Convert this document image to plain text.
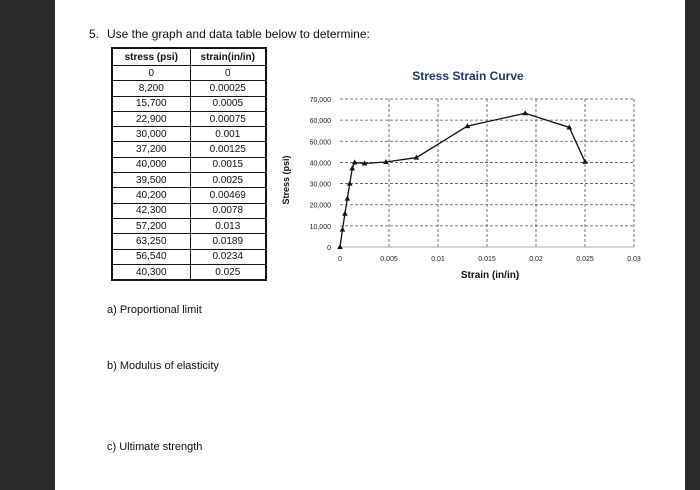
5. Use the graph and data table below to determine:
stress (psi)	strain(in/in)
0	0
8,200	0.00025
15,700	0.0005
22,900	0.00075
30,000	0.001
37,200	0.00125
40,000	0.0015
39,500	0.0025
40,200	0.00469
42,300	0.0078
57,200	0.013
63,250	0.0189
56,540	0.0234
40,300	0.025
a) Proportional limit
b) Modulus of elasticity
c) Ultimate strength
Stress Strain Curve
Strain (in/in)
Stress (psi)
0
10,000
20,000
30,000
40,000
50,000
60,000
70,000
0	0.005	0.01	0.015	0.02	0.025	0.03
